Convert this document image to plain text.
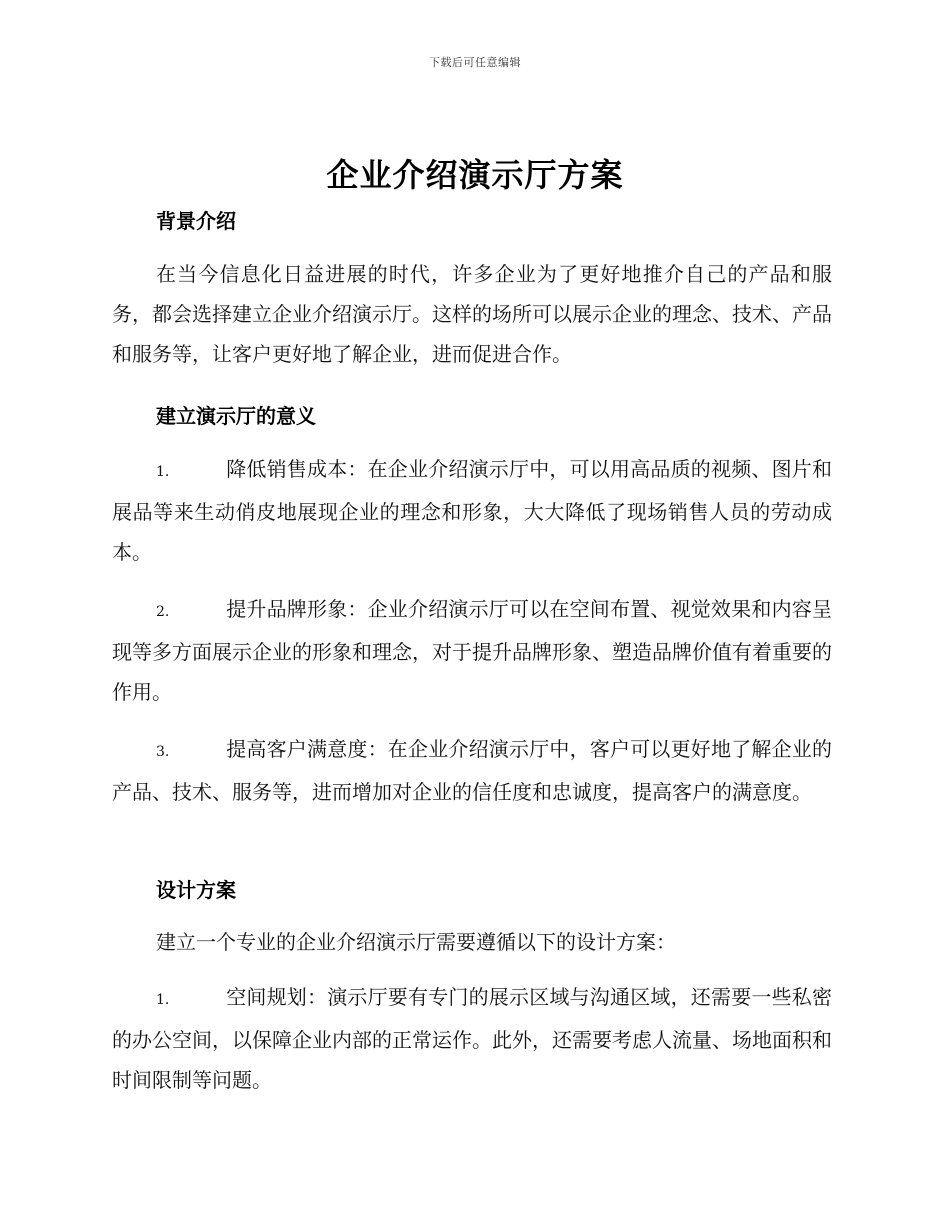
下载后可任意编辑
企业介绍演示厅方案
背景介绍
在当今信息化日益进展的时代，许多企业为了更好地推介自己的产品和服务，都会选择建立企业介绍演示厅。这样的场所可以展示企业的理念、技术、产品和服务等，让客户更好地了解企业，进而促进合作。
建立演示厅的意义
1.	降低销售成本：在企业介绍演示厅中，可以用高品质的视频、图片和展品等来生动俏皮地展现企业的理念和形象，大大降低了现场销售人员的劳动成本。
2.	提升品牌形象：企业介绍演示厅可以在空间布置、视觉效果和内容呈现等多方面展示企业的形象和理念，对于提升品牌形象、塑造品牌价值有着重要的作用。
3.	提高客户满意度：在企业介绍演示厅中，客户可以更好地了解企业的产品、技术、服务等，进而增加对企业的信任度和忠诚度，提高客户的满意度。
设计方案
建立一个专业的企业介绍演示厅需要遵循以下的设计方案：
1.	空间规划：演示厅要有专门的展示区域与沟通区域，还需要一些私密的办公空间，以保障企业内部的正常运作。此外，还需要考虑人流量、场地面积和时间限制等问题。
